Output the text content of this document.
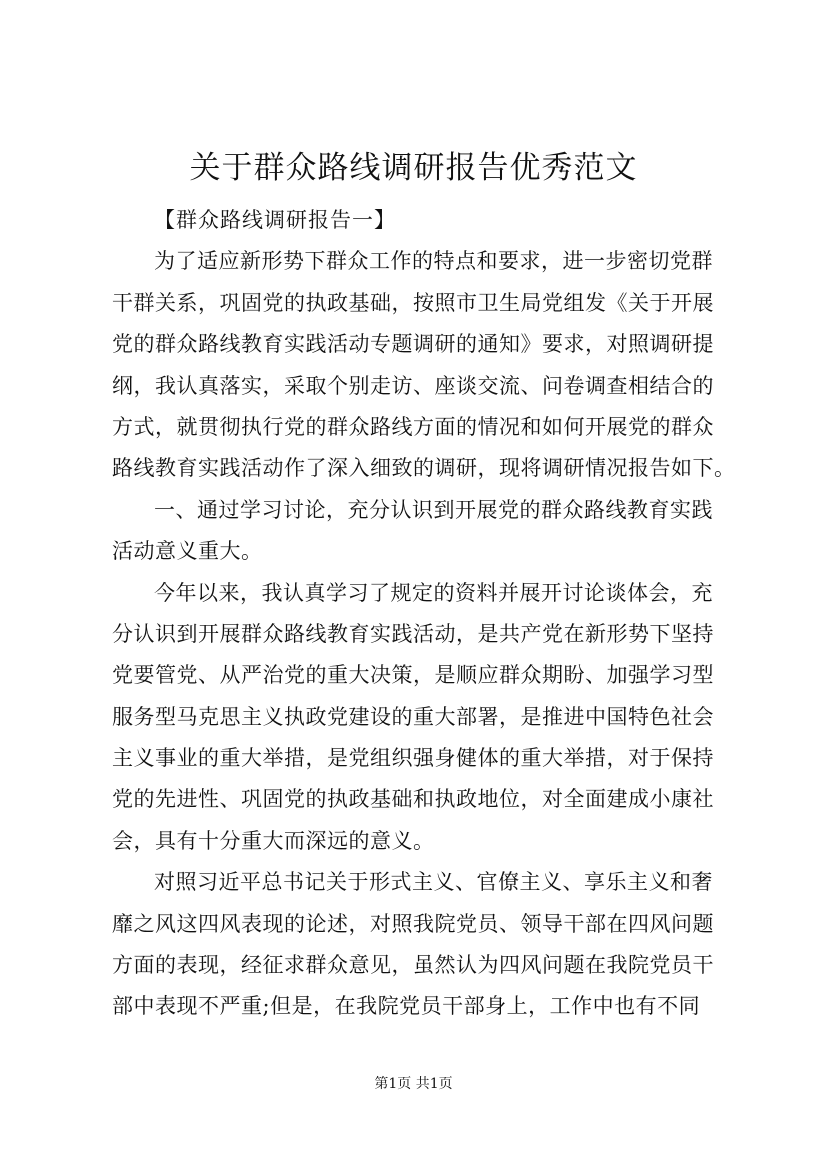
关于群众路线调研报告优秀范文
【群众路线调研报告一】
为了适应新形势下群众工作的特点和要求，进一步密切党群
干群关系，巩固党的执政基础，按照市卫生局党组发《关于开展
党的群众路线教育实践活动专题调研的通知》要求，对照调研提
纲，我认真落实，采取个别走访、座谈交流、问卷调查相结合的
方式，就贯彻执行党的群众路线方面的情况和如何开展党的群众
路线教育实践活动作了深入细致的调研，现将调研情况报告如下。
一、通过学习讨论，充分认识到开展党的群众路线教育实践
活动意义重大。
今年以来，我认真学习了规定的资料并展开讨论谈体会，充
分认识到开展群众路线教育实践活动，是共产党在新形势下坚持
党要管党、从严治党的重大决策，是顺应群众期盼、加强学习型
服务型马克思主义执政党建设的重大部署，是推进中国特色社会
主义事业的重大举措，是党组织强身健体的重大举措，对于保持
党的先进性、巩固党的执政基础和执政地位，对全面建成小康社
会，具有十分重大而深远的意义。
对照习近平总书记关于形式主义、官僚主义、享乐主义和奢
靡之风这四风表现的论述，对照我院党员、领导干部在四风问题
方面的表现，经征求群众意见，虽然认为四风问题在我院党员干
部中表现不严重;但是，在我院党员干部身上，工作中也有不同
第1页 共1页
